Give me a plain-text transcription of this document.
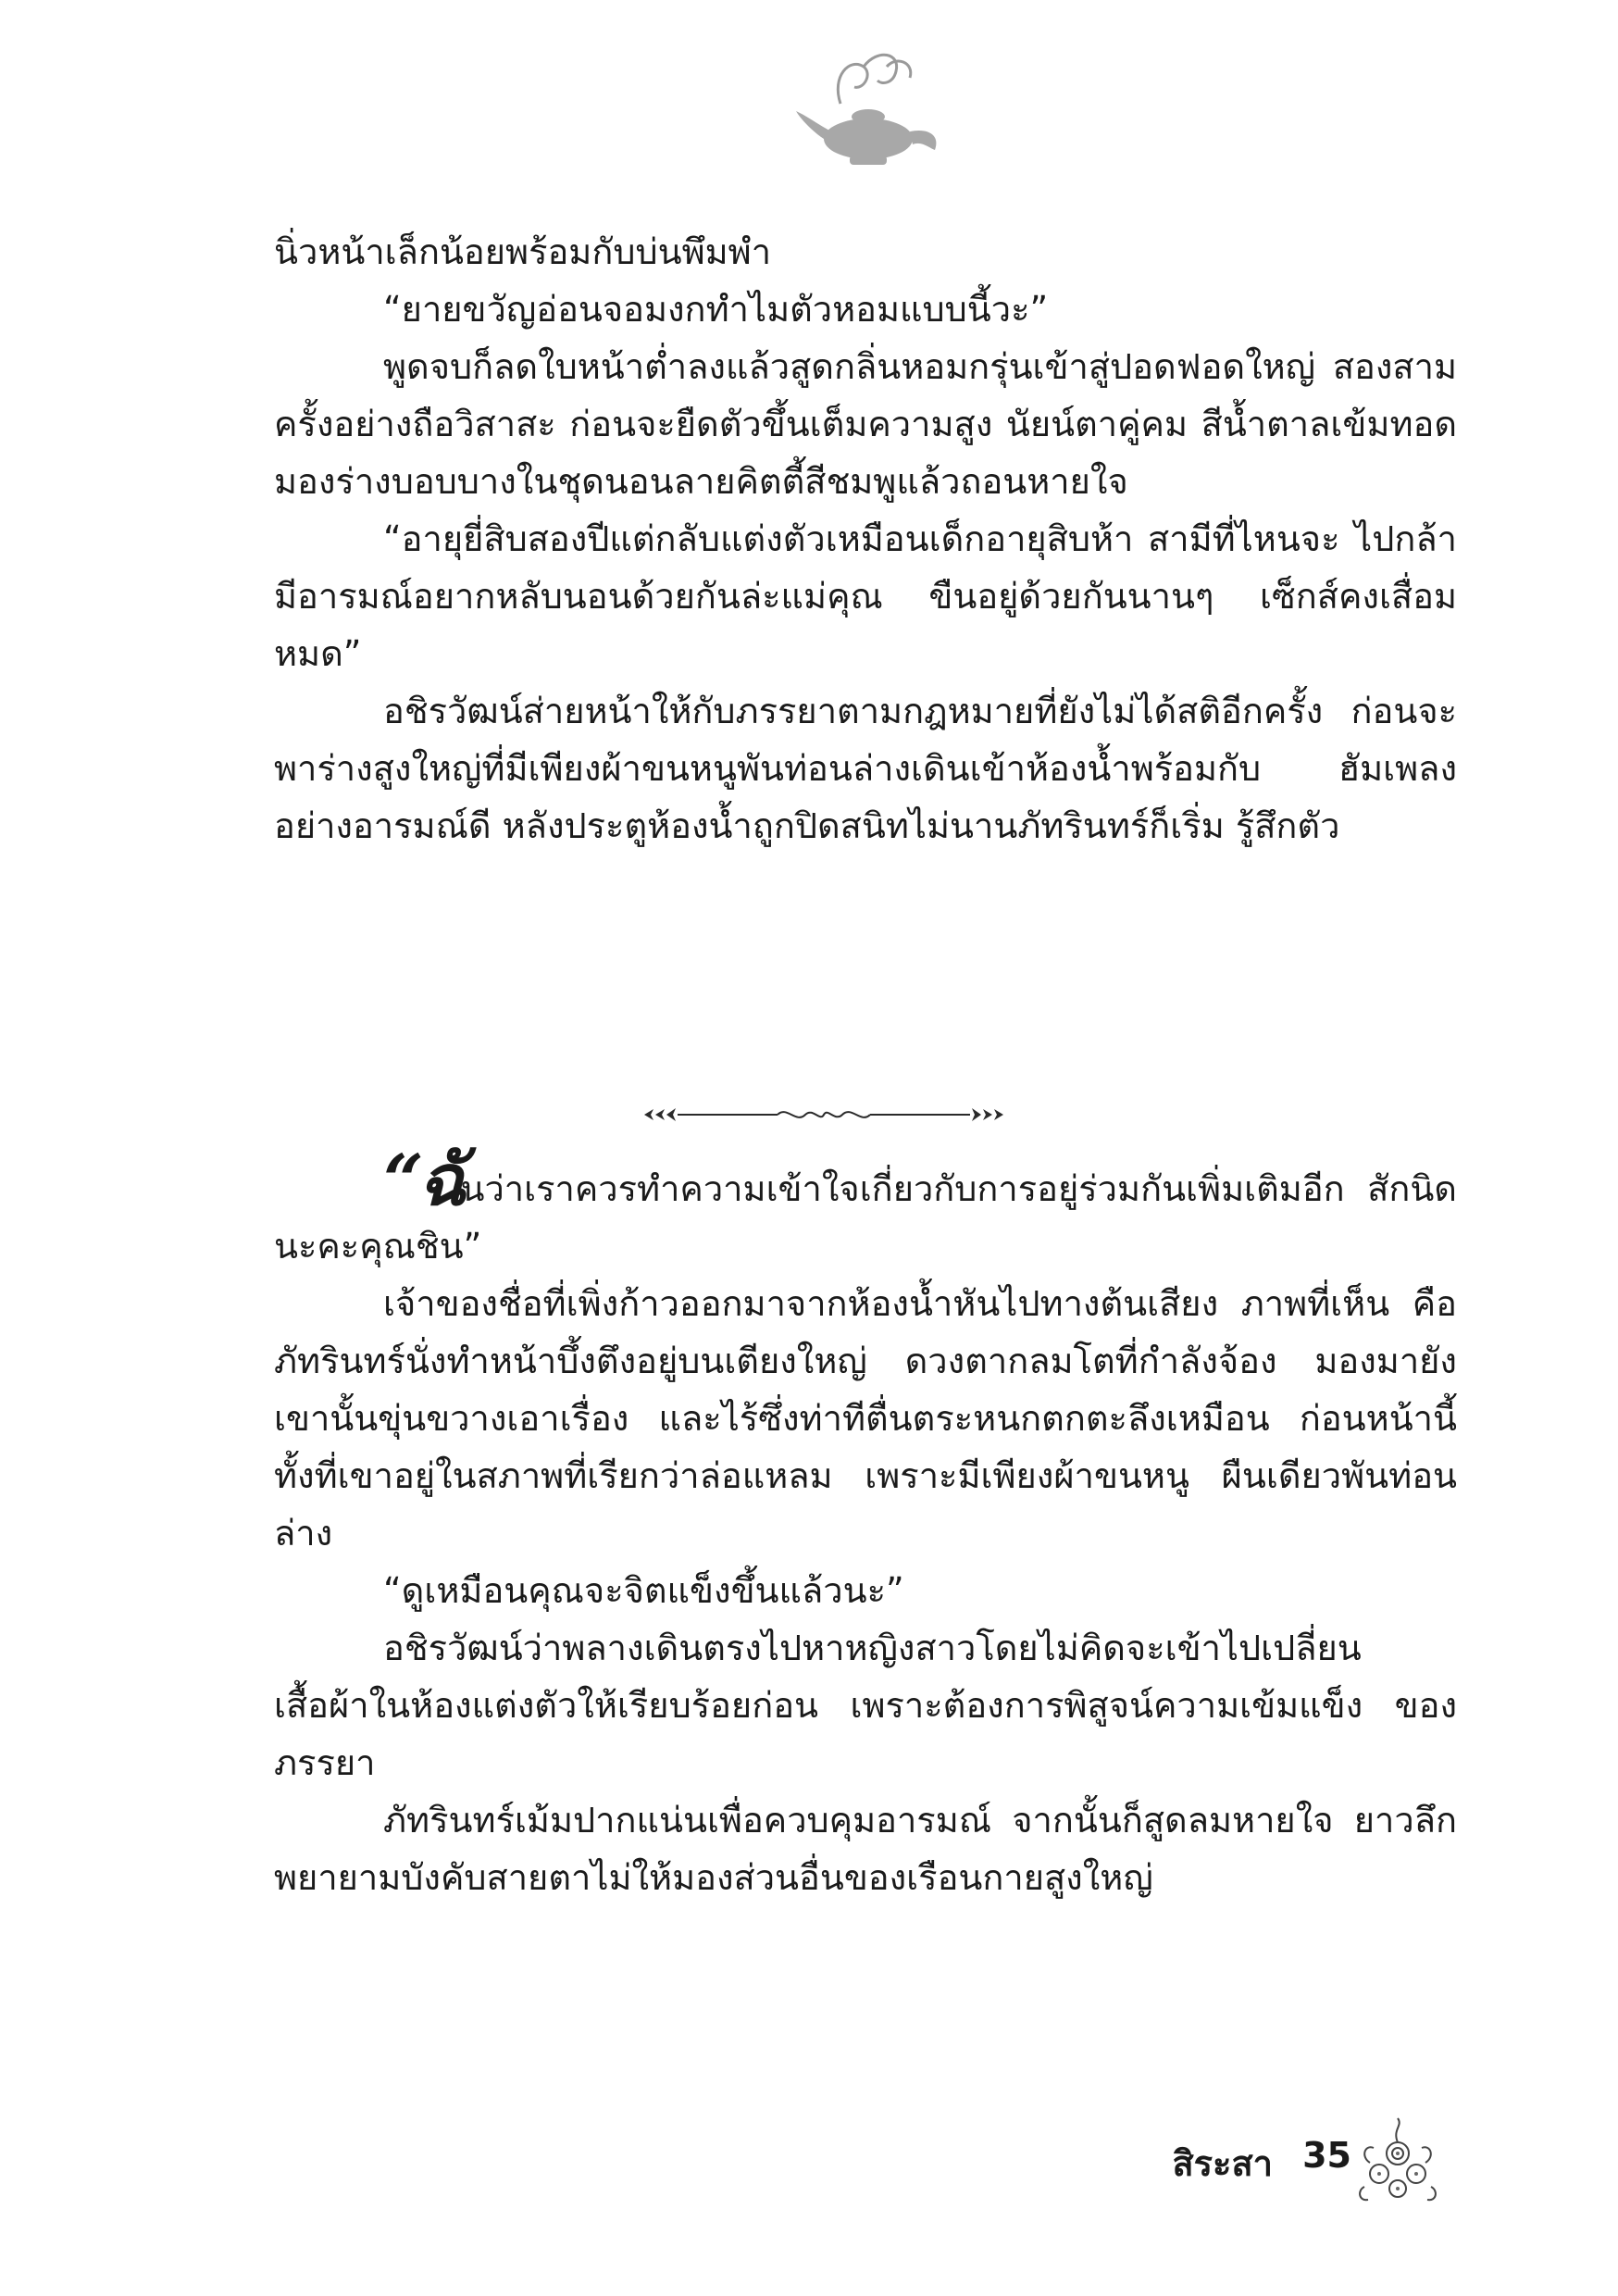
นิ่วหน้าเล็กน้อยพร้อมกับบ่นพึมพำ

“ยายขวัญอ่อนจอมงกทำไมตัวหอมแบบนี้วะ”

พูดจบก็ลดใบหน้าต่ำลงแล้วสูดกลิ่นหอมกรุ่นเข้าสู่ปอดฟอดใหญ่ สองสามครั้งอย่างถือวิสาสะ ก่อนจะยืดตัวขึ้นเต็มความสูง นัยน์ตาคู่คม สีน้ำตาลเข้มทอดมองร่างบอบบางในชุดนอนลายคิตตี้สีชมพูแล้วถอนหายใจ

“อายุยี่สิบสองปีแต่กลับแต่งตัวเหมือนเด็กอายุสิบห้า สามีที่ไหนจะ ไปกล้ามีอารมณ์อยากหลับนอนด้วยกันล่ะแม่คุณ ขืนอยู่ด้วยกันนานๆ เซ็กส์คงเสื่อมหมด”

อชิรวัฒน์ส่ายหน้าให้กับภรรยาตามกฎหมายที่ยังไม่ได้สติอีกครั้ง ก่อนจะพาร่างสูงใหญ่ที่มีเพียงผ้าขนหนูพันท่อนล่างเดินเข้าห้องน้ำพร้อมกับ ฮัมเพลงอย่างอารมณ์ดี หลังประตูห้องน้ำถูกปิดสนิทไม่นานภัทรินทร์ก็เริ่ม รู้สึกตัว

“ฉันว่าเราควรทำความเข้าใจเกี่ยวกับการอยู่ร่วมกันเพิ่มเติมอีก สักนิดนะคะคุณชิน”

เจ้าของชื่อที่เพิ่งก้าวออกมาจากห้องน้ำหันไปทางต้นเสียง ภาพที่เห็น คือ ภัทรินทร์นั่งทำหน้าบึ้งตึงอยู่บนเตียงใหญ่ ดวงตากลมโตที่กำลังจ้อง มองมายังเขานั้นขุ่นขวางเอาเรื่อง และไร้ซึ่งท่าทีตื่นตระหนกตกตะลึงเหมือน ก่อนหน้านี้ ทั้งที่เขาอยู่ในสภาพที่เรียกว่าล่อแหลม เพราะมีเพียงผ้าขนหนู ผืนเดียวพันท่อนล่าง

“ดูเหมือนคุณจะจิตแข็งขึ้นแล้วนะ”

อชิรวัฒน์ว่าพลางเดินตรงไปหาหญิงสาวโดยไม่คิดจะเข้าไปเปลี่ยน เสื้อผ้าในห้องแต่งตัวให้เรียบร้อยก่อน เพราะต้องการพิสูจน์ความเข้มแข็ง ของภรรยา

ภัทรินทร์เม้มปากแน่นเพื่อควบคุมอารมณ์ จากนั้นก็สูดลมหายใจ ยาวลึก พยายามบังคับสายตาไม่ให้มองส่วนอื่นของเรือนกายสูงใหญ่

สิระสา 35
